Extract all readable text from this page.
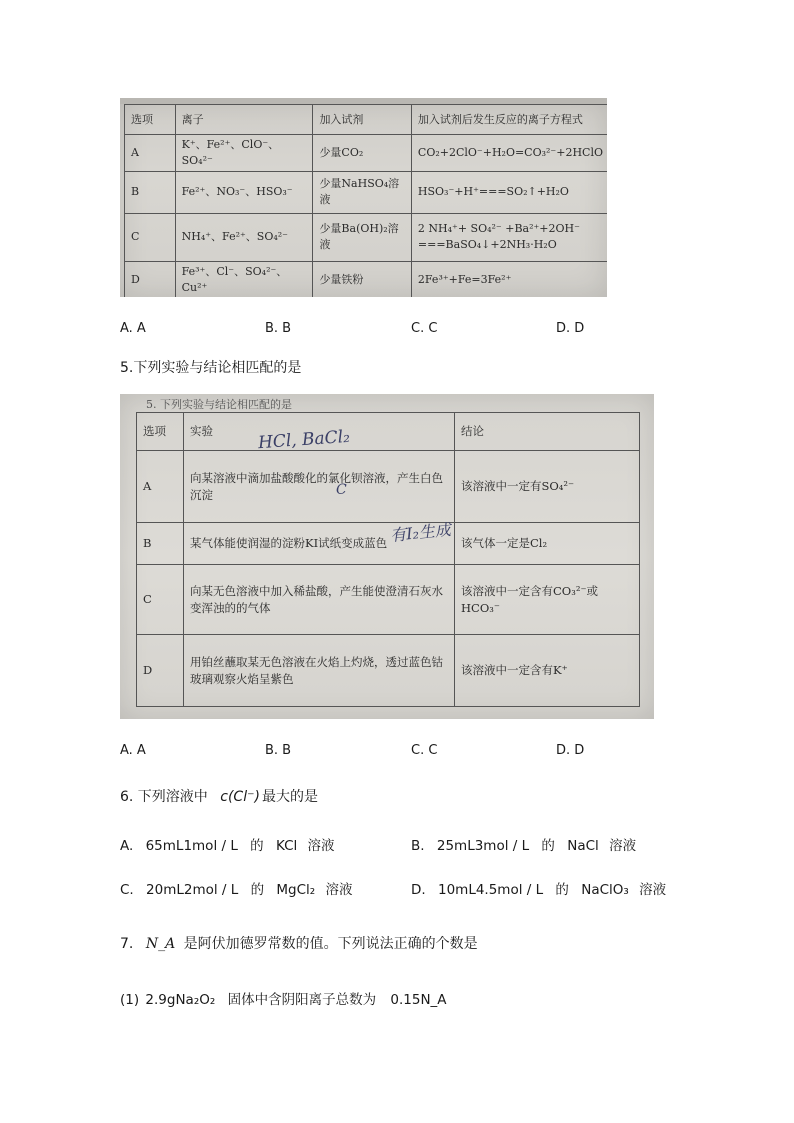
选项	离子	加入试剂	加入试剂后发生反应的离子方程式
A	K⁺、Fe²⁺、ClO⁻、SO₄²⁻	少量CO₂	CO₂+2ClO⁻+H₂O=CO₃²⁻+2HClO
B	Fe²⁺、NO₃⁻、HSO₃⁻	少量NaHSO₄溶液	HSO₃⁻+H⁺===SO₂↑+H₂O
C	NH₄⁺、Fe²⁺、SO₄²⁻	少量Ba(OH)₂溶液	2 NH₄⁺+ SO₄²⁻ +Ba²⁺+2OH⁻ ===BaSO₄↓+2NH₃·H₂O
D	Fe³⁺、Cl⁻、SO₄²⁻、Cu²⁺	少量铁粉	2Fe³⁺+Fe=3Fe²⁺
A. A	B. B	C. C	D. D
5.下列实验与结论相匹配的是
5. 下列实验与结论相匹配的是
选项	实验	结论
A	向某溶液中滴加盐酸酸化的氯化钡溶液，产生白色沉淀	该溶液中一定有SO₄²⁻
B	某气体能使润湿的淀粉KI试纸变成蓝色	该气体一定是Cl₂
C	向某无色溶液中加入稀盐酸，产生能使澄清石灰水变浑浊的的气体	该溶液中一定含有CO₃²⁻或HCO₃⁻
D	用铂丝蘸取某无色溶液在火焰上灼烧，透过蓝色钴玻璃观察火焰呈紫色	该溶液中一定含有K⁺
HCl, BaCl₂
C
有I₂生成
A. A	B. B	C. C	D. D
6. 下列溶液中 c(Cl⁻) 最大的是
A. 65mL1mol / L 的 KCl 溶液	B. 25mL3mol / L 的 NaCl 溶液
C. 20mL2mol / L 的 MgCl₂ 溶液	D. 10mL4.5mol / L 的 NaClO₃ 溶液
7. N_A 是阿伏加德罗常数的值。下列说法正确的个数是
(1) 2.9gNa₂O₂ 固体中含阴阳离子总数为 0.15N_A
